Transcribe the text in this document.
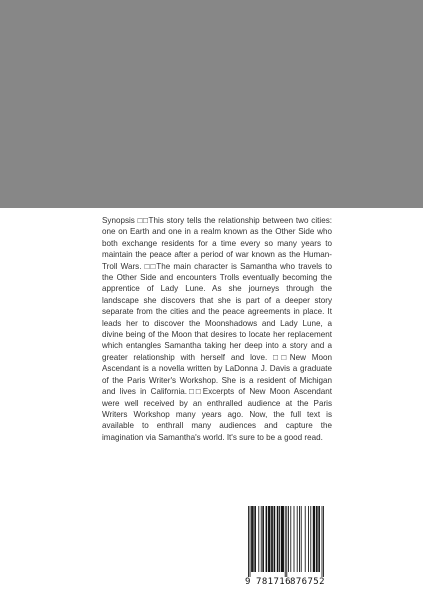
Synopsis □□This story tells the relationship between two cities: one on Earth and one in a realm known as the Other Side who both exchange residents for a time every so many years to maintain the peace after a period of war known as the Human-Troll Wars. □□The main character is Samantha who travels to the Other Side and encounters Trolls eventually becoming the apprentice of Lady Lune. As she journeys through the landscape she discovers that she is part of a deeper story separate from the cities and the peace agreements in place. It leads her to discover the Moonshadows and Lady Lune, a divine being of the Moon that desires to locate her replacement which entangles Samantha taking her deep into a story and a greater relationship with herself and love. □□New Moon Ascendant is a novella written by LaDonna J. Davis a graduate of the Paris Writer's Workshop. She is a resident of Michigan and lives in California.□□Excerpts of New Moon Ascendant were well received by an enthralled audience at the Paris Writers Workshop many years ago. Now, the full text is available to enthrall many audiences and capture the imagination via Samantha's world. It's sure to be a good read.

9 781716 876752
